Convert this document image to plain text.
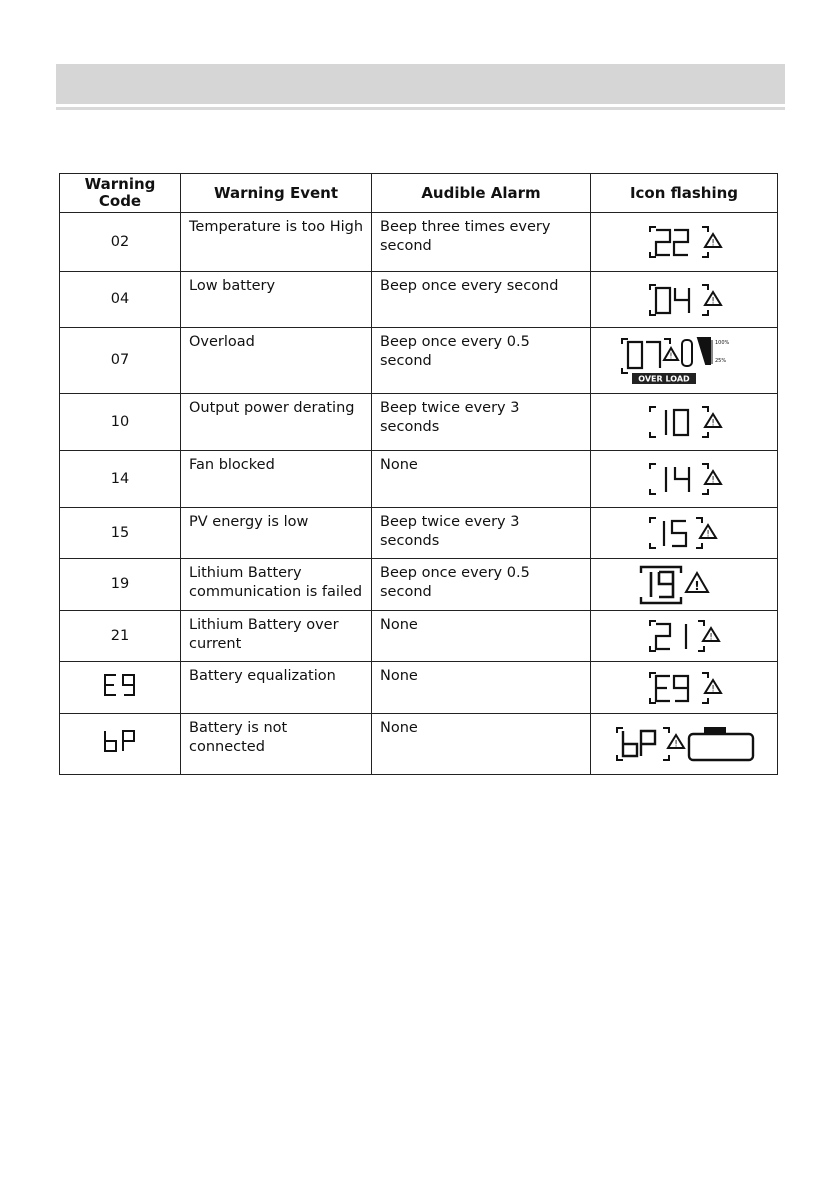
Warning
Code	Warning Event	Audible Alarm	Icon flashing
02	Temperature is too High	Beep three times every second	!

04	Low battery	Beep once every second	!

07	Overload	Beep once every 0.5 second	!
100%
25%
OVER LOAD

10	Output power derating	Beep twice every 3 seconds	!

14	Fan blocked	None	!

15	PV energy is low	Beep twice every 3 seconds	!

19	Lithium Battery communication is failed	Beep once every 0.5 second	!

21	Lithium Battery over current	None	!

	Battery equalization	None	!

	Battery is not connected	None	!
